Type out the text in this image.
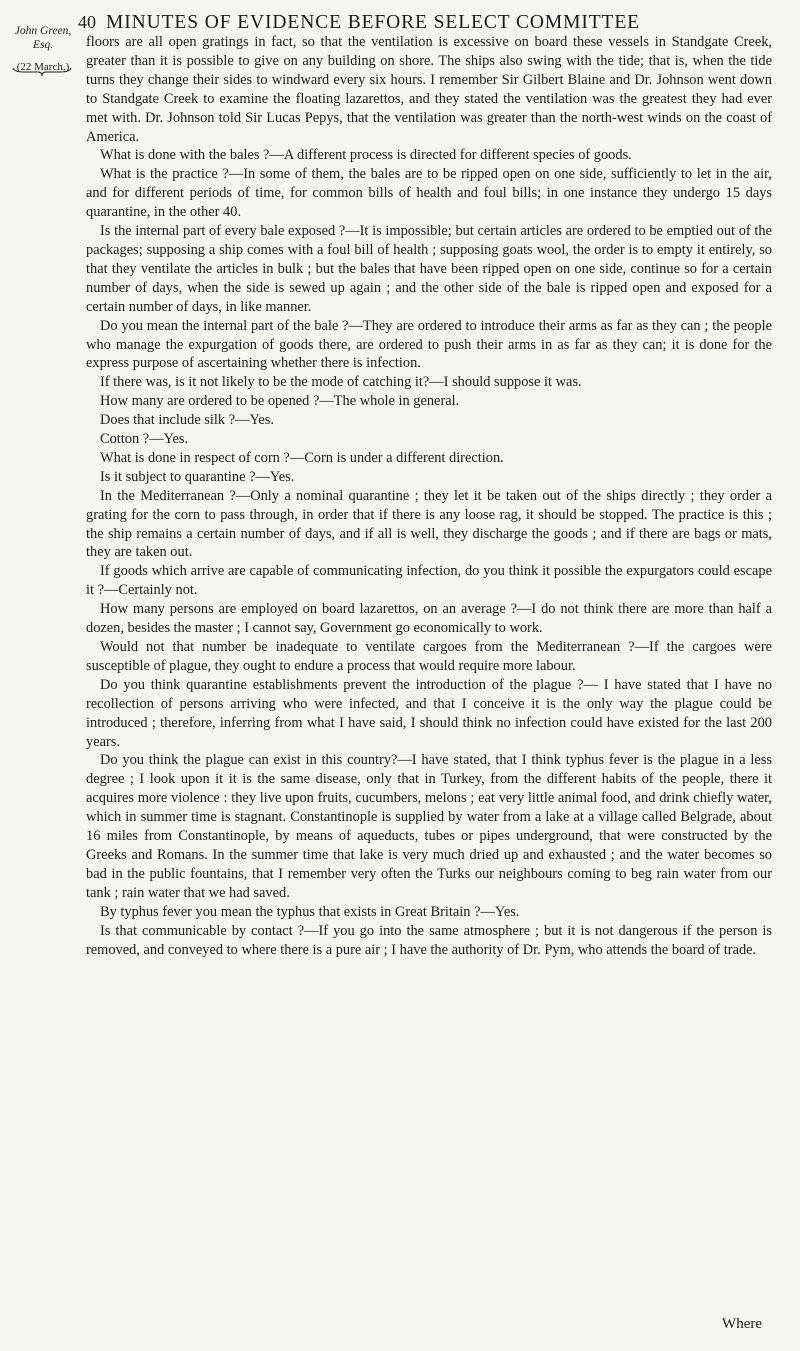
40 MINUTES OF EVIDENCE BEFORE SELECT COMMITTEE
John Green,
Esq.
(22 March.)

floors are all open gratings in fact, so that the ventilation is excessive on board these vessels in Standgate Creek, greater than it is possible to give on any building on shore. The ships also swing with the tide; that is, when the tide turns they change their sides to windward every six hours. I remember Sir Gilbert Blaine and Dr. Johnson went down to Standgate Creek to examine the floating lazarettos, and they stated the ventilation was the greatest they had ever met with. Dr. Johnson told Sir Lucas Pepys, that the ventilation was greater than the north-west winds on the coast of America.

What is done with the bales ?—A different process is directed for different species of goods.

What is the practice ?—In some of them, the bales are to be ripped open on one side, sufficiently to let in the air, and for different periods of time, for common bills of health and foul bills; in one instance they undergo 15 days quarantine, in the other 40.

Is the internal part of every bale exposed ?—It is impossible; but certain articles are ordered to be emptied out of the packages; supposing a ship comes with a foul bill of health ; supposing goats wool, the order is to empty it entirely, so that they ventilate the articles in bulk ; but the bales that have been ripped open on one side, continue so for a certain number of days, when the side is sewed up again ; and the other side of the bale is ripped open and exposed for a certain number of days, in like manner.

Do you mean the internal part of the bale ?—They are ordered to introduce their arms as far as they can ; the people who manage the expurgation of goods there, are ordered to push their arms in as far as they can; it is done for the express purpose of ascertaining whether there is infection.

If there was, is it not likely to be the mode of catching it?—I should suppose it was.

How many are ordered to be opened ?—The whole in general.

Does that include silk ?—Yes.

Cotton ?—Yes.

What is done in respect of corn ?—Corn is under a different direction.

Is it subject to quarantine ?—Yes.

In the Mediterranean ?—Only a nominal quarantine ; they let it be taken out of the ships directly ; they order a grating for the corn to pass through, in order that if there is any loose rag, it should be stopped. The practice is this ; the ship remains a certain number of days, and if all is well, they discharge the goods ; and if there are bags or mats, they are taken out.

If goods which arrive are capable of communicating infection, do you think it possible the expurgators could escape it ?—Certainly not.

How many persons are employed on board lazarettos, on an average ?—I do not think there are more than half a dozen, besides the master ; I cannot say, Government go economically to work.

Would not that number be inadequate to ventilate cargoes from the Mediterranean ?—If the cargoes were susceptible of plague, they ought to endure a process that would require more labour.

Do you think quarantine establishments prevent the introduction of the plague ?— I have stated that I have no recollection of persons arriving who were infected, and that I conceive it is the only way the plague could be introduced ; therefore, inferring from what I have said, I should think no infection could have existed for the last 200 years.

Do you think the plague can exist in this country?—I have stated, that I think typhus fever is the plague in a less degree ; I look upon it it is the same disease, only that in Turkey, from the different habits of the people, there it acquires more violence : they live upon fruits, cucumbers, melons ; eat very little animal food, and drink chiefly water, which in summer time is stagnant. Constantinople is supplied by water from a lake at a village called Belgrade, about 16 miles from Constantinople, by means of aqueducts, tubes or pipes underground, that were constructed by the Greeks and Romans. In the summer time that lake is very much dried up and exhausted ; and the water becomes so bad in the public fountains, that I remember very often the Turks our neighbours coming to beg rain water from our tank ; rain water that we had saved.

By typhus fever you mean the typhus that exists in Great Britain ?—Yes.

Is that communicable by contact ?—If you go into the same atmosphere ; but it is not dangerous if the person is removed, and conveyed to where there is a pure air ; I have the authority of Dr. Pym, who attends the board of trade.

Where
